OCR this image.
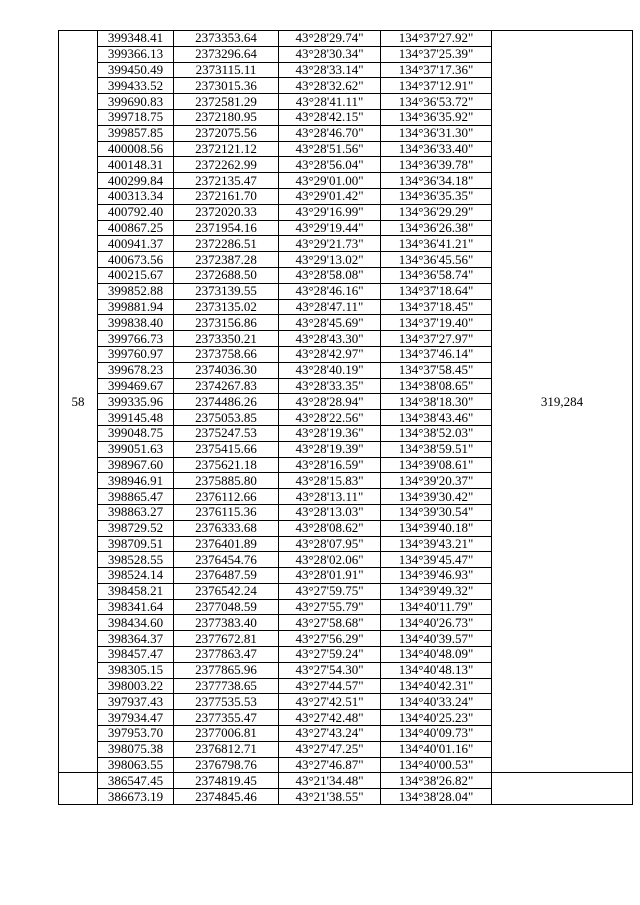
58	399348.41	2373353.64	43°28'29.74"	134°37'27.92"	319,284
	399366.13	2373296.64	43°28'30.34"	134°37'25.39"	
	399450.49	2373115.11	43°28'33.14"	134°37'17.36"	
	399433.52	2373015.36	43°28'32.62"	134°37'12.91"	
	399690.83	2372581.29	43°28'41.11"	134°36'53.72"	
	399718.75	2372180.95	43°28'42.15"	134°36'35.92"	
	399857.85	2372075.56	43°28'46.70"	134°36'31.30"	
	400008.56	2372121.12	43°28'51.56"	134°36'33.40"	
	400148.31	2372262.99	43°28'56.04"	134°36'39.78"	
	400299.84	2372135.47	43°29'01.00"	134°36'34.18"	
	400313.34	2372161.70	43°29'01.42"	134°36'35.35"	
	400792.40	2372020.33	43°29'16.99"	134°36'29.29"	
	400867.25	2371954.16	43°29'19.44"	134°36'26.38"	
	400941.37	2372286.51	43°29'21.73"	134°36'41.21"	
	400673.56	2372387.28	43°29'13.02"	134°36'45.56"	
	400215.67	2372688.50	43°28'58.08"	134°36'58.74"	
	399852.88	2373139.55	43°28'46.16"	134°37'18.64"	
	399881.94	2373135.02	43°28'47.11"	134°37'18.45"	
	399838.40	2373156.86	43°28'45.69"	134°37'19.40"	
	399766.73	2373350.21	43°28'43.30"	134°37'27.97"	
	399760.97	2373758.66	43°28'42.97"	134°37'46.14"	
	399678.23	2374036.30	43°28'40.19"	134°37'58.45"	
	399469.67	2374267.83	43°28'33.35"	134°38'08.65"	
	399335.96	2374486.26	43°28'28.94"	134°38'18.30"	
	399145.48	2375053.85	43°28'22.56"	134°38'43.46"	
	399048.75	2375247.53	43°28'19.36"	134°38'52.03"	
	399051.63	2375415.66	43°28'19.39"	134°38'59.51"	
	398967.60	2375621.18	43°28'16.59"	134°39'08.61"	
	398946.91	2375885.80	43°28'15.83"	134°39'20.37"	
	398865.47	2376112.66	43°28'13.11"	134°39'30.42"	
	398863.27	2376115.36	43°28'13.03"	134°39'30.54"	
	398729.52	2376333.68	43°28'08.62"	134°39'40.18"	
	398709.51	2376401.89	43°28'07.95"	134°39'43.21"	
	398528.55	2376454.76	43°28'02.06"	134°39'45.47"	
	398524.14	2376487.59	43°28'01.91"	134°39'46.93"	
	398458.21	2376542.24	43°27'59.75"	134°39'49.32"	
	398341.64	2377048.59	43°27'55.79"	134°40'11.79"	
	398434.60	2377383.40	43°27'58.68"	134°40'26.73"	
	398364.37	2377672.81	43°27'56.29"	134°40'39.57"	
	398457.47	2377863.47	43°27'59.24"	134°40'48.09"	
	398305.15	2377865.96	43°27'54.30"	134°40'48.13"	
	398003.22	2377738.65	43°27'44.57"	134°40'42.31"	
	397937.43	2377535.53	43°27'42.51"	134°40'33.24"	
	397934.47	2377355.47	43°27'42.48"	134°40'25.23"	
	397953.70	2377006.81	43°27'43.24"	134°40'09.73"	
	398075.38	2376812.71	43°27'47.25"	134°40'01.16"	
	398063.55	2376798.76	43°27'46.87"	134°40'00.53"	
	386547.45	2374819.45	43°21'34.48"	134°38'26.82"	
	386673.19	2374845.46	43°21'38.55"	134°38'28.04"	
